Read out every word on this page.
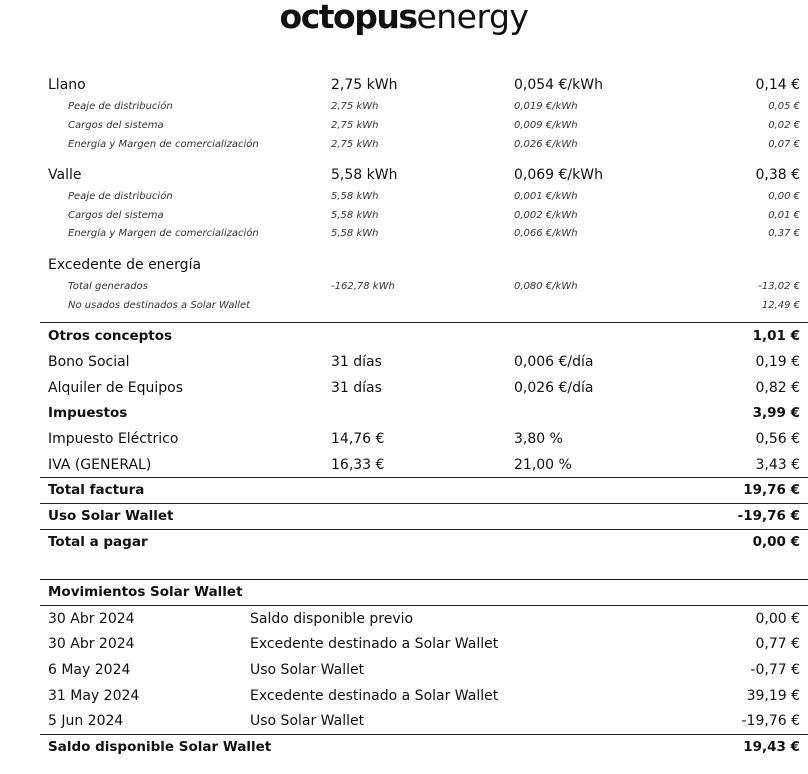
octopusenergy
Llano	2,75 kWh	0,054 €/kWh	0,14 €
Peaje de distribución	2,75 kWh	0,019 €/kWh	0,05 €
Cargos del sistema	2,75 kWh	0,009 €/kWh	0,02 €
Energía y Margen de comercialización	2,75 kWh	0,026 €/kWh	0,07 €
Valle	5,58 kWh	0,069 €/kWh	0,38 €
Peaje de distribución	5,58 kWh	0,001 €/kWh	0,00 €
Cargos del sistema	5,58 kWh	0,002 €/kWh	0,01 €
Energía y Margen de comercialización	5,58 kWh	0,066 €/kWh	0,37 €
Excedente de energía
Total generados	-162,78 kWh	0,080 €/kWh	-13,02 €
No usados destinados a Solar Wallet	12,49 €
Otros conceptos	1,01 €
Bono Social	31 días	0,006 €/día	0,19 €
Alquiler de Equipos	31 días	0,026 €/día	0,82 €
Impuestos	3,99 €
Impuesto Eléctrico	14,76 €	3,80 %	0,56 €
IVA (GENERAL)	16,33 €	21,00 %	3,43 €
Total factura	19,76 €
Uso Solar Wallet	-19,76 €
Total a pagar	0,00 €
Movimientos Solar Wallet
30 Abr 2024	Saldo disponible previo	0,00 €
30 Abr 2024	Excedente destinado a Solar Wallet	0,77 €
6 May 2024	Uso Solar Wallet	-0,77 €
31 May 2024	Excedente destinado a Solar Wallet	39,19 €
5 Jun 2024	Uso Solar Wallet	-19,76 €
Saldo disponible Solar Wallet	19,43 €
